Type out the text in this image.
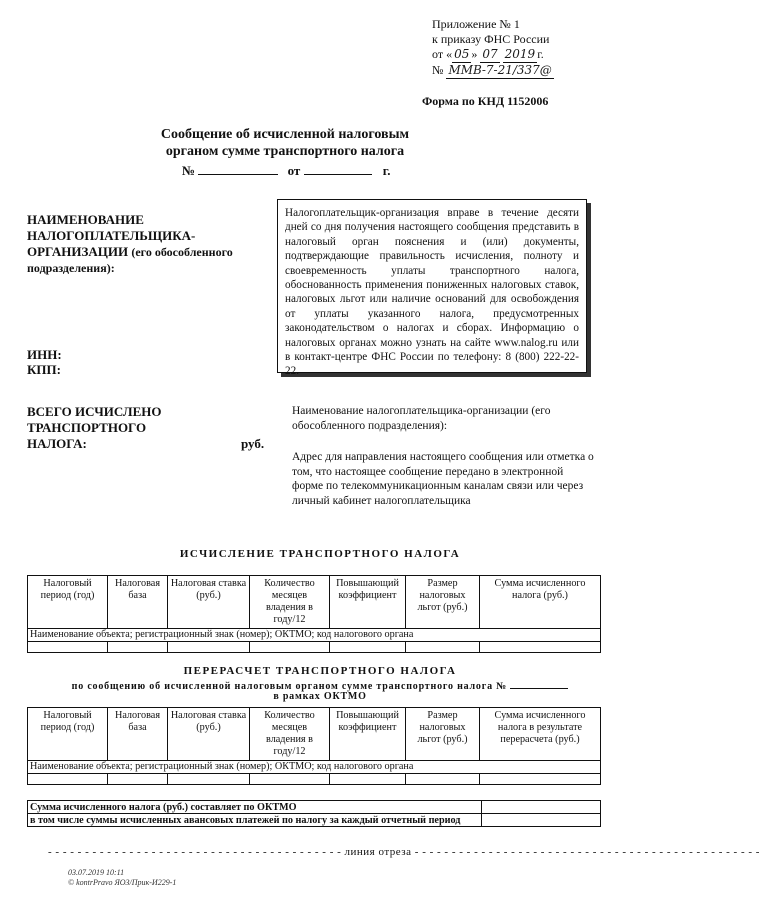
Приложение № 1
к приказу ФНС России
от « 05 » 07 2019 г.
№ ММВ-7-21/337@
Форма по КНД 1152006
Сообщение об исчисленной налоговым
органом сумме транспортного налога
№	от	г.
НАИМЕНОВАНИЕ НАЛОГОПЛАТЕЛЬЩИКА-ОРГАНИЗАЦИИ (его обособленного подразделения):
ИНН:
КПП:
Налогоплательщик-организация вправе в течение десяти дней со дня получения настоящего сообщения представить в налоговый орган пояснения и (или) документы, подтверждающие правильность исчисления, полноту и своевременность уплаты транспортного налога, обоснованность применения пониженных налоговых ставок, налоговых льгот или наличие оснований для освобождения от уплаты указанного налога, предусмотренных законодательством о налогах и сборах. Информацию о налоговых органах можно узнать на сайте www.nalog.ru или в контакт-центре ФНС России по телефону: 8 (800) 222-22-22.
ВСЕГО ИСЧИСЛЕНО ТРАНСПОРТНОГО НАЛОГА:	руб.
Наименование налогоплательщика-организации (его обособленного подразделения):
Адрес для направления настоящего сообщения или отметка о том, что настоящее сообщение передано в электронной форме по телекоммуникационным каналам связи или через личный кабинет налогоплательщика
ИСЧИСЛЕНИЕ ТРАНСПОРТНОГО НАЛОГА
Налоговый период (год)	Налоговая база	Налоговая ставка (руб.)	Количество месяцев владения в году/12	Повышающий коэффициент	Размер налоговых льгот (руб.)	Сумма исчисленного налога (руб.)
Наименование объекта; регистрационный знак (номер); ОКТМО; код налогового органа						

ПЕРЕРАСЧЕТ ТРАНСПОРТНОГО НАЛОГА
по сообщению об исчисленной налоговым органом сумме транспортного налога №
в рамках ОКТМО
Налоговый период (год)	Налоговая база	Налоговая ставка (руб.)	Количество месяцев владения в году/12	Повышающий коэффициент	Размер налоговых льгот (руб.)	Сумма исчисленного налога в результате перерасчета (руб.)
Наименование объекта; регистрационный знак (номер); ОКТМО; код налогового органа						

Сумма исчисленного налога (руб.) составляет по ОКТМО	
в том числе суммы исчисленных авансовых платежей по налогу за каждый отчетный период	
- - - - - - - - - - - - - - - - - - - - - - - - - - - - - - - - - - - - - - - - линия отреза - - - - - - - - - - - - - - - - - - - - - - - - - - - - - - - - - - - - - - - - - - - - - - -
03.07.2019 10:11
© kontrPravo ЯОЗ/Прик-И229-1
